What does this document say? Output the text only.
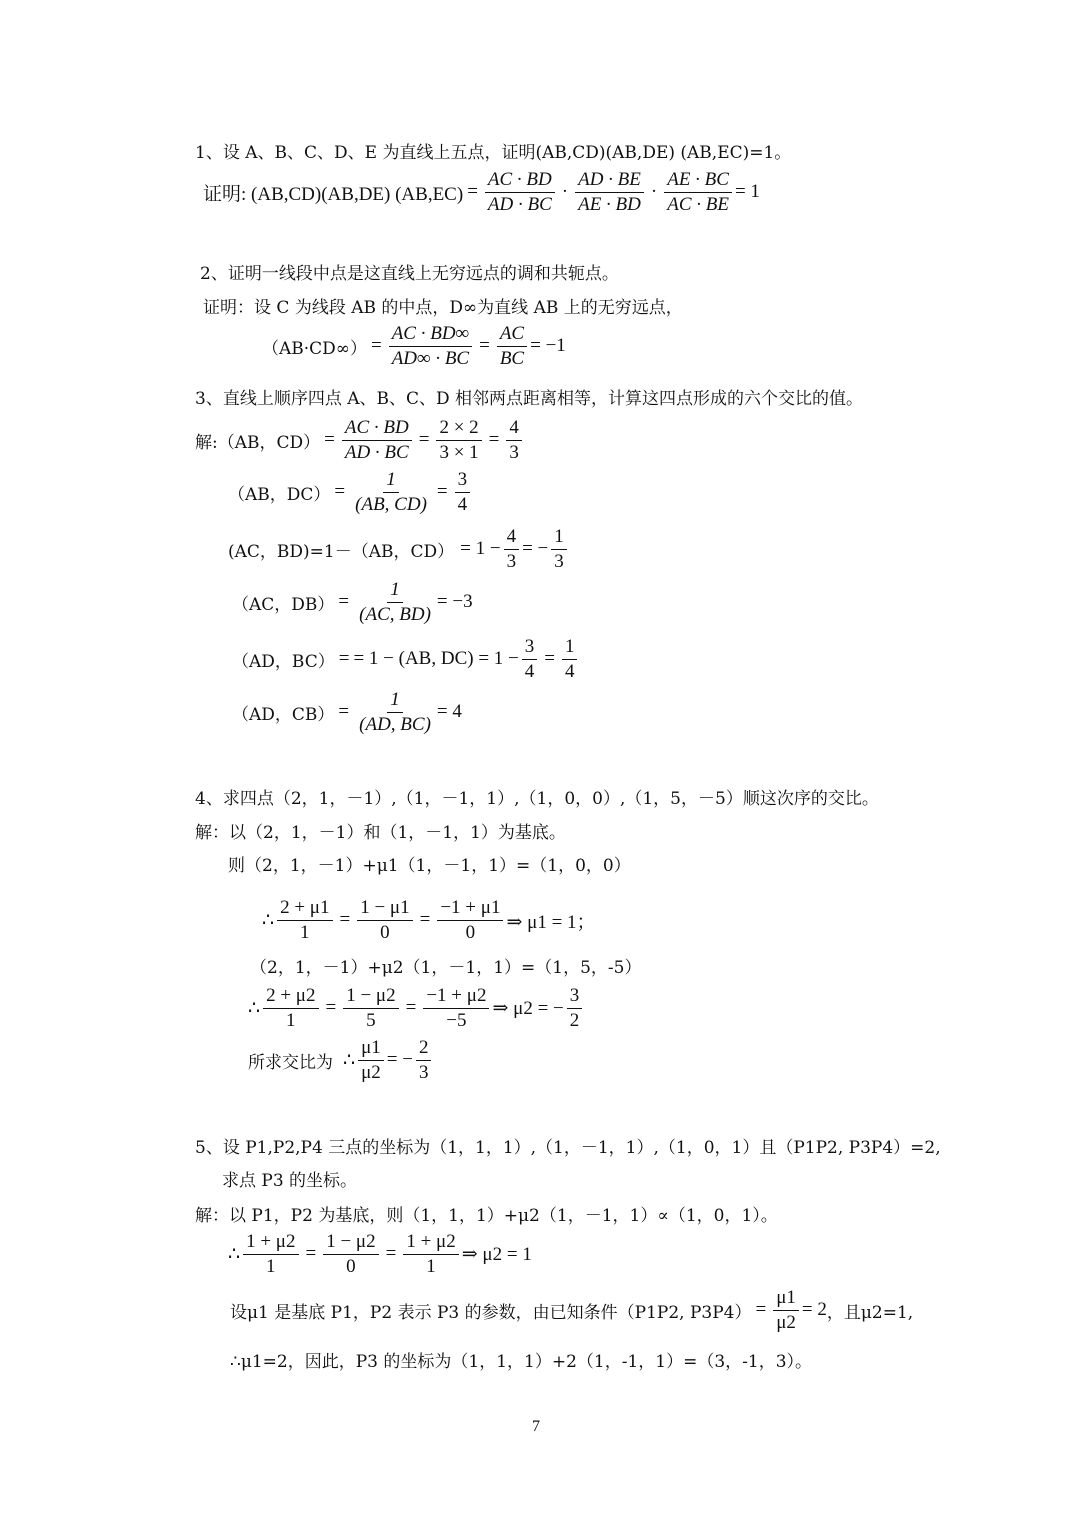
1、设 A、B、C、D、E 为直线上五点，证明(AB,CD)(AB,DE) (AB,EC)=1。
证明: (AB,CD)(AB,DE) $(AB,EC) = \frac{AC \cdot BD}{AD \cdot BC} \cdot \frac{AD \cdot BE}{AE \cdot BD} \cdot \frac{AE \cdot BC}{AC \cdot BE} = 1$
2、证明一线段中点是这直线上无穷远点的调和共轭点。
证明：设 C 为线段 AB 的中点，D∞为直线 AB 上的无穷远点，
$(AB\cdot CD\infty) = \frac{AC \cdot BD\infty}{AD\infty \cdot BC} = \frac{AC}{BC} = -1$
3、直线上顺序四点 A、B、C、D 相邻两点距离相等，计算这四点形成的六个交比的值。
解:（AB，$CD) = \frac{AC \cdot BD}{AD \cdot BC} = \frac{2 \times 2}{3 \times 1} = \frac{4}{3}$
（AB，$DC) = \frac{1}{(AB, CD)} = \frac{3}{4}$
(AC，BD)=1－（AB，$CD) = 1 - \frac{4}{3}$ = − $\frac{1}{3}$
（AC，$DB) = \frac{1}{(AC, BD)} = -3$
（AD，BC） = = 1 − (AB, $DC) = 1 - \frac{3}{4} = \frac{1}{4}$
（AD，$CB) = \frac{1}{(AD, BC)} = 4$
4、求四点（2，1，－1）,（1，－1，1）,（1，0，0）,（1，5，－5）顺这次序的交比。
解：以（2，1，－1）和（1，－1，1）为基底。
则（2，1，－1）+μ1（1，－1，1）=（1，0，0）
∴ $\frac{2 + \mu 1}{1} = \frac{1 - \mu 1}{0} = \frac{-1 + \mu 1}{0}$ ⇒ μ1 = 1；
（2，1，－1）+μ2（1，－1，1）=（1，5，-5）
∴ $\frac{2 + \mu 2}{1} = \frac{1 - \mu 2}{5} = \frac{-1 + \mu 2}{-5}$ ⇒ μ2 = − $\frac{3}{2}$
所求交比为 ∴ $\frac{\mu 1}{\mu 2}$ = − $\frac{2}{3}$
5、设 P1,P2,P4 三点的坐标为（1，1，1）,（1，－1，1）,（1，0，1）且（P1P2, P3P4）=2,
求点 P3 的坐标。
解：以 P1，P2 为基底，则（1，1，1）+μ2（1，－1，1）∝（1，0，1）。
∴ $\frac{1 + \mu 2}{1} = \frac{1 - \mu 2}{0} = \frac{1 + \mu 2}{1}$ ⇒ μ2 = 1
设μ1 是基底 P1，P2 表示 P3 的参数，由已知条件（P1P2, $P3P4) = \frac{\mu 1}{\mu 2} = 2$ ，且μ2=1,
∴μ1=2，因此，P3 的坐标为（1，1，1）+2（1，-1，1）=（3，-1，3）。
7
